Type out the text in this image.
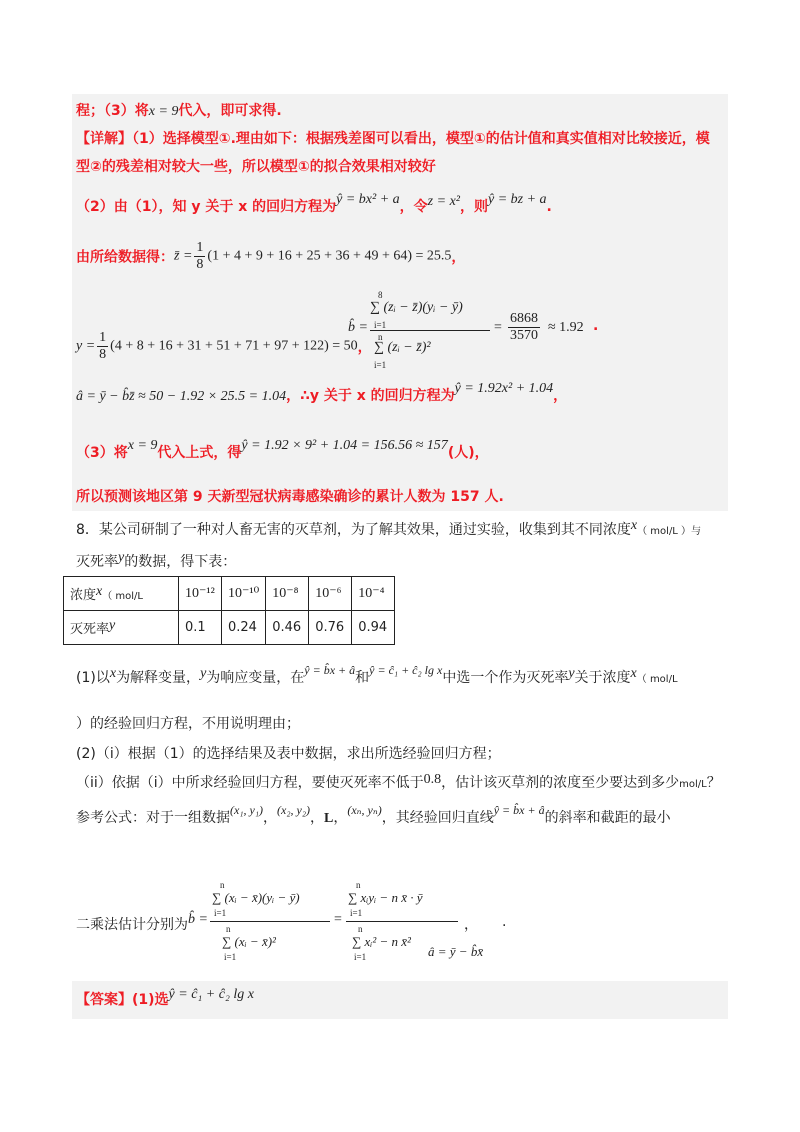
程；（3）将x = 9代入，即可求得.
【详解】（1）选择模型①.理由如下：根据残差图可以看出，模型①的估计值和真实值相对比较接近，模
型②的残差相对较大一些，所以模型①的拟合效果相对较好
（2）由（1），知 y 关于 x 的回归方程为ŷ = bx² + a，令z = x²，则ŷ = bz + a.
由所给数据得：z̄ = $\frac{1}{8} (1 + 4 + 9 + 16 + 25 + 36 + 49 + 64) = 25.5$，
$y = \frac{1}{8} (4 + 8 + 16 + 31 + 51 + 71 + 97 + 122) = 50$，
b̂ =
8
∑ (zᵢ − z̄)(yᵢ − ȳ)
i=1
n
∑ (zᵢ − z̄)²
i=1
= $\frac{6868}{3570} \approx 1.92$ .
â = ȳ − b̂z̄ ≈ 50 − 1.92 × 25.5 = 1.04，∴y 关于 x 的回归方程为ŷ = 1.92x² + 1.04，
（3）将x = 9代入上式，得ŷ = 1.92 × 9² + 1.04 = 156.56 ≈ 157(人)，
所以预测该地区第 9 天新型冠状病毒感染确诊的累计人数为 157 人.
8．某公司研制了一种对人畜无害的灭草剂，为了解其效果，通过实验，收集到其不同浓度x（ mol/L ）与
灭死率y的数据，得下表：
浓度x（ mol/L	10⁻¹²	10⁻¹⁰	10⁻⁸	10⁻⁶	10⁻⁴
灭死率y	0.1	0.24	0.46	0.76	0.94
(1)以x为解释变量，y为响应变量，在ŷ = b̂x + â和ŷ = ĉ₁ + ĉ₂ lg x中选一个作为灭死率y关于浓度x（ mol/L
）的经验回归方程，不用说明理由；
(2)（i）根据（1）的选择结果及表中数据，求出所选经验回归方程；
（ii）依据（i）中所求经验回归方程，要使灭死率不低于0.8，估计该灭草剂的浓度至少要达到多少mol/L？
参考公式：对于一组数据(x₁, y₁)，(x₂, y₂)，L，(xₙ, yₙ)，其经验回归直线ŷ = b̂x + â的斜率和截距的最小
二乘法估计分别为 b̂ =
n
∑ (xᵢ − x̄)(yᵢ − ȳ)
i=1
n
∑ (xᵢ − x̄)²
i=1
=
n
∑ xᵢyᵢ − n x̄ · ȳ
i=1
n
∑ xᵢ² − n x̄²
i=1
，
â = ȳ − b̂x̄
.
【答案】(1)选ŷ = ĉ₁ + ĉ₂ lg x
